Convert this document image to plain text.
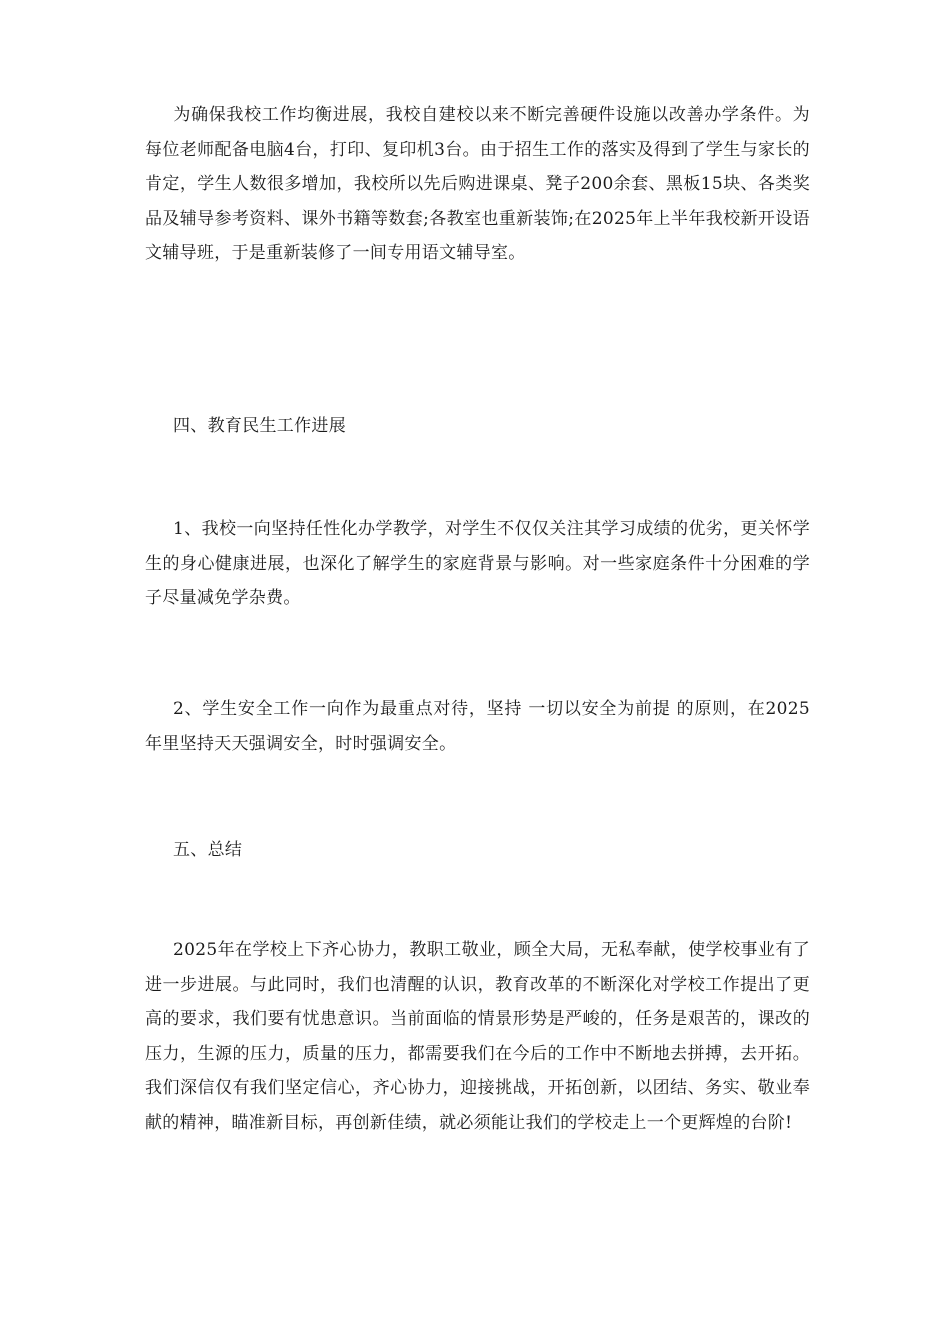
为确保我校工作均衡进展，我校自建校以来不断完善硬件设施以改善办学条件。为每位老师配备电脑4台，打印、复印机3台。由于招生工作的落实及得到了学生与家长的肯定，学生人数很多增加，我校所以先后购进课桌、凳子200余套、黑板15块、各类奖品及辅导参考资料、课外书籍等数套;各教室也重新装饰;在2025年上半年我校新开设语文辅导班，于是重新装修了一间专用语文辅导室。

四、教育民生工作进展

1、我校一向坚持任性化办学教学，对学生不仅仅关注其学习成绩的优劣，更关怀学生的身心健康进展，也深化了解学生的家庭背景与影响。对一些家庭条件十分困难的学子尽量减免学杂费。

2、学生安全工作一向作为最重点对待，坚持 一切以安全为前提 的原则，在2025年里坚持天天强调安全，时时强调安全。

五、总结

2025年在学校上下齐心协力，教职工敬业，顾全大局，无私奉献，使学校事业有了进一步进展。与此同时，我们也清醒的认识，教育改革的不断深化对学校工作提出了更高的要求，我们要有忧患意识。当前面临的情景形势是严峻的，任务是艰苦的，课改的压力，生源的压力，质量的压力，都需要我们在今后的工作中不断地去拼搏，去开拓。我们深信仅有我们坚定信心，齐心协力，迎接挑战，开拓创新，以团结、务实、敬业奉献的精神，瞄准新目标，再创新佳绩，就必须能让我们的学校走上一个更辉煌的台阶!
